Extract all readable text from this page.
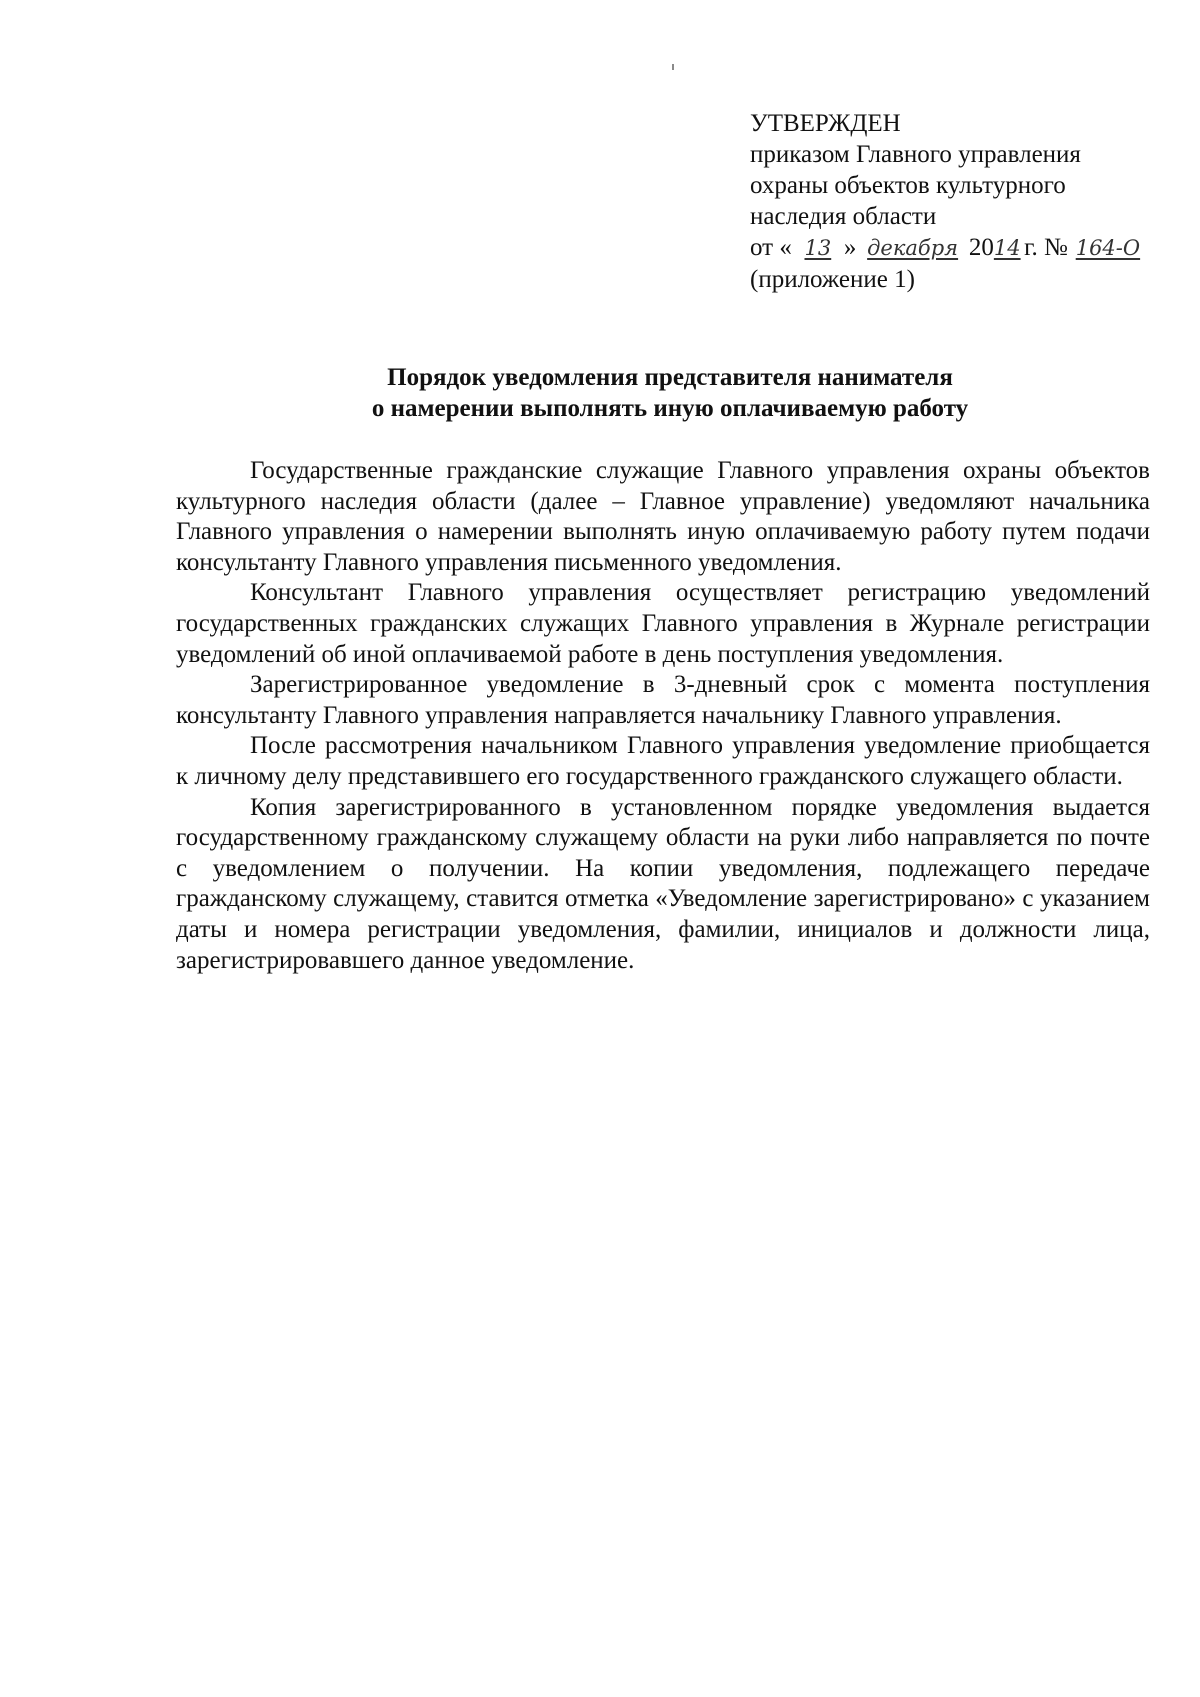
УТВЕРЖДЕН
приказом Главного управления
охраны объектов культурного
наследия области
от « 13 » декабря 2014 г. № 164-О
(приложение 1)
Порядок уведомления представителя нанимателя
о намерении выполнять иную оплачиваемую работу

Государственные гражданские служащие Главного управления охраны объектов культурного наследия области (далее – Главное управление) уведомляют начальника Главного управления о намерении выполнять иную оплачиваемую работу путем подачи консультанту Главного управления письменного уведомления.

Консультант Главного управления осуществляет регистрацию уведомлений государственных гражданских служащих Главного управления в Журнале регистрации уведомлений об иной оплачиваемой работе в день поступления уведомления.

Зарегистрированное уведомление в 3-дневный срок с момента поступления консультанту Главного управления направляется начальнику Главного управления.

После рассмотрения начальником Главного управления уведомление приобщается к личному делу представившего его государственного гражданского служащего области.

Копия зарегистрированного в установленном порядке уведомления выдается государственному гражданскому служащему области на руки либо направляется по почте с уведомлением о получении. На копии уведомления, подлежащего передаче гражданскому служащему, ставится отметка «Уведомление зарегистрировано» с указанием даты и номера регистрации уведомления, фамилии, инициалов и должности лица, зарегистрировавшего данное уведомление.
